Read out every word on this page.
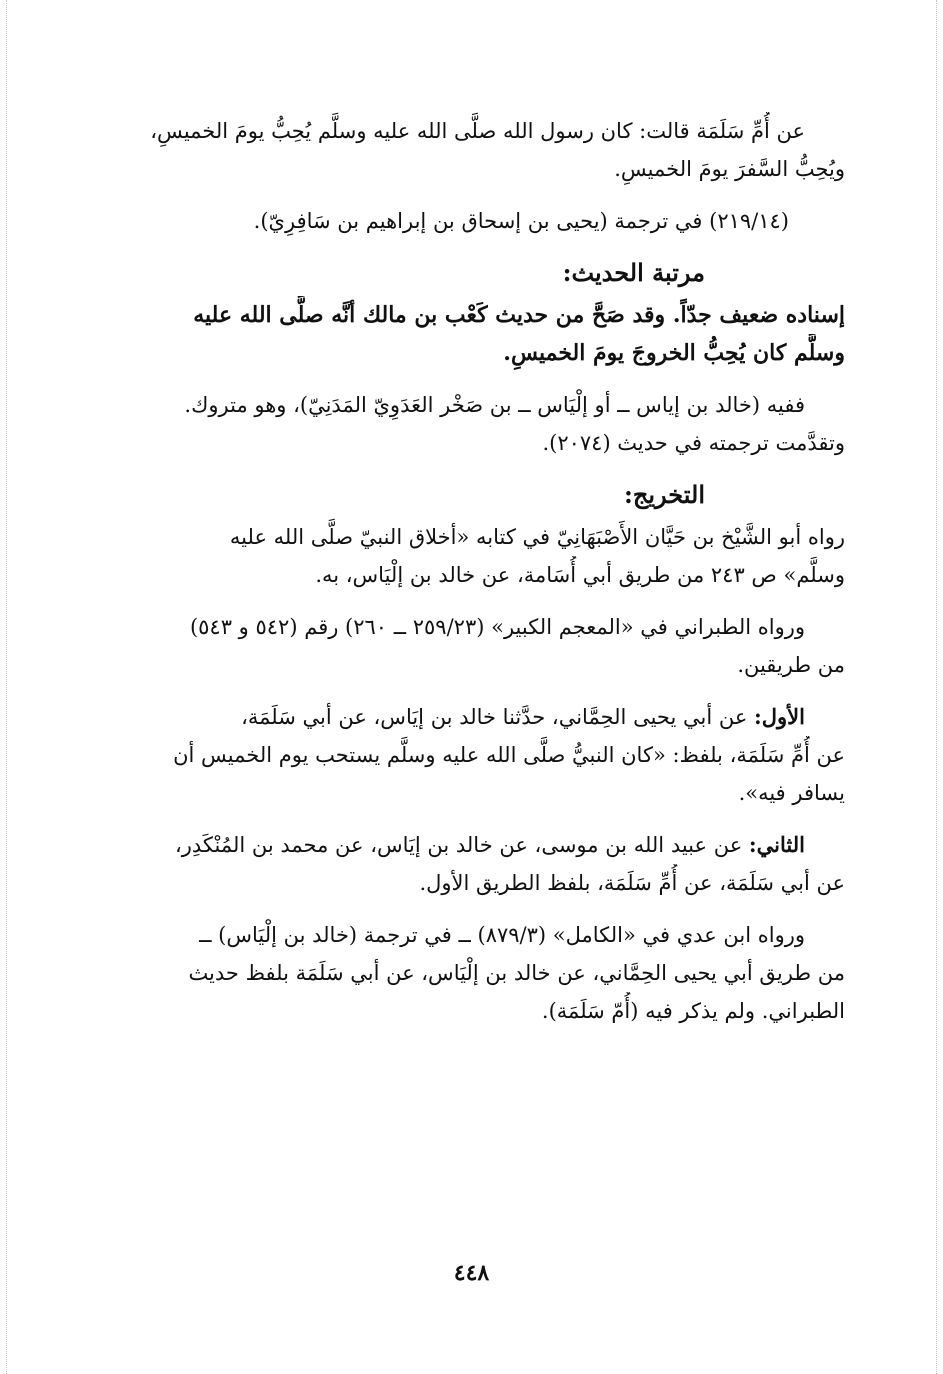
عن أُمِّ سَلَمَة قالت: كان رسول الله صلَّى الله عليه وسلَّم يُحِبُّ يومَ الخميسِ،
ويُحِبُّ السَّفرَ يومَ الخميسِ.
(٢١٩/١٤) في ترجمة (يحيى بن إسحاق بن إبراهيم بن سَافِرِيّ).
مرتبة الحديث:
إسناده ضعيف جدّاً. وقد صَحَّ من حديث كَعْب بن مالك أنَّه صلَّى الله عليه
وسلَّم كان يُحِبُّ الخروجَ يومَ الخميسِ.
ففيه (خالد بن إياس ــ أو إلْيَاس ــ بن صَخْر العَدَوِيّ المَدَنِيّ)، وهو متروك.
وتقدَّمت ترجمته في حديث (٢٠٧٤).
التخريج:
رواه أبو الشَّيْخ بن حَيَّان الأَصْبَهَانِيّ في كتابه «أخلاق النبيّ صلَّى الله عليه
وسلَّم» ص ٢٤٣ من طريق أبي أُسَامة، عن خالد بن إلْيَاس، به.
ورواه الطبراني في «المعجم الكبير» (٢٥٩/٢٣ ــ ٢٦٠) رقم (٥٤٢ و ٥٤٣)
من طريقين.
الأول: عن أبي يحيى الحِمَّاني، حدَّثنا خالد بن إيَاس، عن أبي سَلَمَة،
عن أُمِّ سَلَمَة، بلفظ: «كان النبيُّ صلَّى الله عليه وسلَّم يستحب يوم الخميس أن
يسافر فيه».
الثاني: عن عبيد الله بن موسى، عن خالد بن إيَاس، عن محمد بن المُنْكَدِر،
عن أبي سَلَمَة، عن أُمِّ سَلَمَة، بلفظ الطريق الأول.
ورواه ابن عدي في «الكامل» (٨٧٩/٣) ــ في ترجمة (خالد بن إلْيَاس) ــ
من طريق أبي يحيى الحِمَّاني، عن خالد بن إلْيَاس، عن أبي سَلَمَة بلفظ حديث
الطبراني. ولم يذكر فيه (أُمّ سَلَمَة).
٤٤٨
